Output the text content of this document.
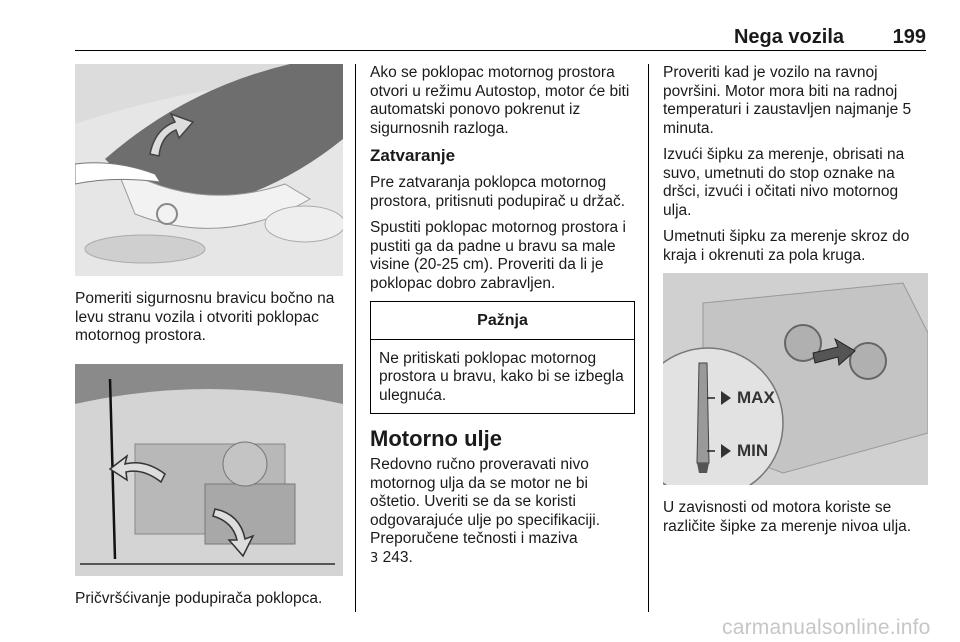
Nega vozila 199

Pomeriti sigurnosnu bravicu bočno na levu stranu vozila i otvoriti poklopac motornog prostora.

Pričvršćivanje podupirača poklopca.

Ako se poklopac motornog prostora otvori u režimu Autostop, motor će biti automatski ponovo pokrenut iz sigurnosnih razloga.

Zatvaranje

Pre zatvaranja poklopca motornog prostora, pritisnuti podupirač u držač.

Spustiti poklopac motornog prostora i pustiti ga da padne u bravu sa male visine (20-25 cm). Proveriti da li je poklopac dobro zabravljen.

Pažnja
Ne pritiskati poklopac motornog prostora u bravu, kako bi se izbegla ulegnuća.
Motorno ulje

Redovno ručno proveravati nivo motornog ulja da se motor ne bi oštetio. Uveriti se da se koristi odgovarajuće ulje po specifikaciji. Preporučene tečnosti i maziva

3 243.

Proveriti kad je vozilo na ravnoj površini. Motor mora biti na radnoj temperaturi i zaustavljen najmanje 5 minuta.

Izvući šipku za merenje, obrisati na suvo, umetnuti do stop oznake na dršci, izvući i očitati nivo motornog ulja.

Umetnuti šipku za merenje skroz do kraja i okrenuti za pola kruga.

MAX
MIN

U zavisnosti od motora koriste se različite šipke za merenje nivoa ulja.

carmanualsonline.info
